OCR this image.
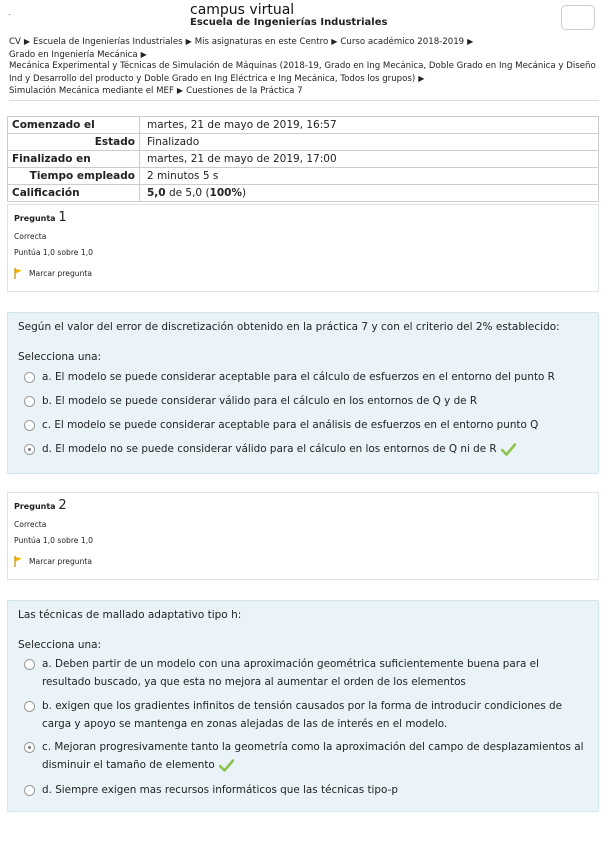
.	campus virtual
Escuela de Ingenierías Industriales
CV ▶ Escuela de Ingenierías Industriales ▶ Mis asignaturas en este Centro ▶ Curso académico 2018-2019 ▶
Grado en Ingeniería Mecánica ▶
Mecánica Experimental y Técnicas de Simulación de Máquinas (2018-19, Grado en Ing Mecánica, Doble Grado en Ing Mecánica y Diseño Ind y Desarrollo del producto y Doble Grado en Ing Eléctrica e Ing Mecánica, Todos los grupos) ▶
Simulación Mecánica mediante el MEF ▶ Cuestiones de la Práctica 7
Comenzado el	martes, 21 de mayo de 2019, 16:57
Estado	Finalizado
Finalizado en	martes, 21 de mayo de 2019, 17:00
Tiempo empleado	2 minutos 5 s
Calificación	5,0 de 5,0 (100%)
Pregunta 1
Correcta
Puntúa 1,0 sobre 1,0
Marcar pregunta
Según el valor del error de discretización obtenido en la práctica 7 y con el criterio del 2% establecido:
Selecciona una:
a. El modelo se puede considerar aceptable para el cálculo de esfuerzos en el entorno del punto R
b. El modelo se puede considerar válido para el cálculo en los entornos de Q y de R
c. El modelo se puede considerar aceptable para el análisis de esfuerzos en el entorno punto Q
d. El modelo no se puede considerar válido para el cálculo en los entornos de Q ni de R
Pregunta 2
Correcta
Puntúa 1,0 sobre 1,0
Marcar pregunta
Las técnicas de mallado adaptativo tipo h:
Selecciona una:
a. Deben partir de un modelo con una aproximación geométrica suficientemente buena para el resultado buscado, ya que esta no mejora al aumentar el orden de los elementos
b. exigen que los gradientes infinitos de tensión causados por la forma de introducir condiciones de carga y apoyo se mantenga en zonas alejadas de las de interés en el modelo.
c. Mejoran progresivamente tanto la geometría como la aproximación del campo de desplazamientos al disminuir el tamaño de elemento
d. Siempre exigen mas recursos informáticos que las técnicas tipo-p
